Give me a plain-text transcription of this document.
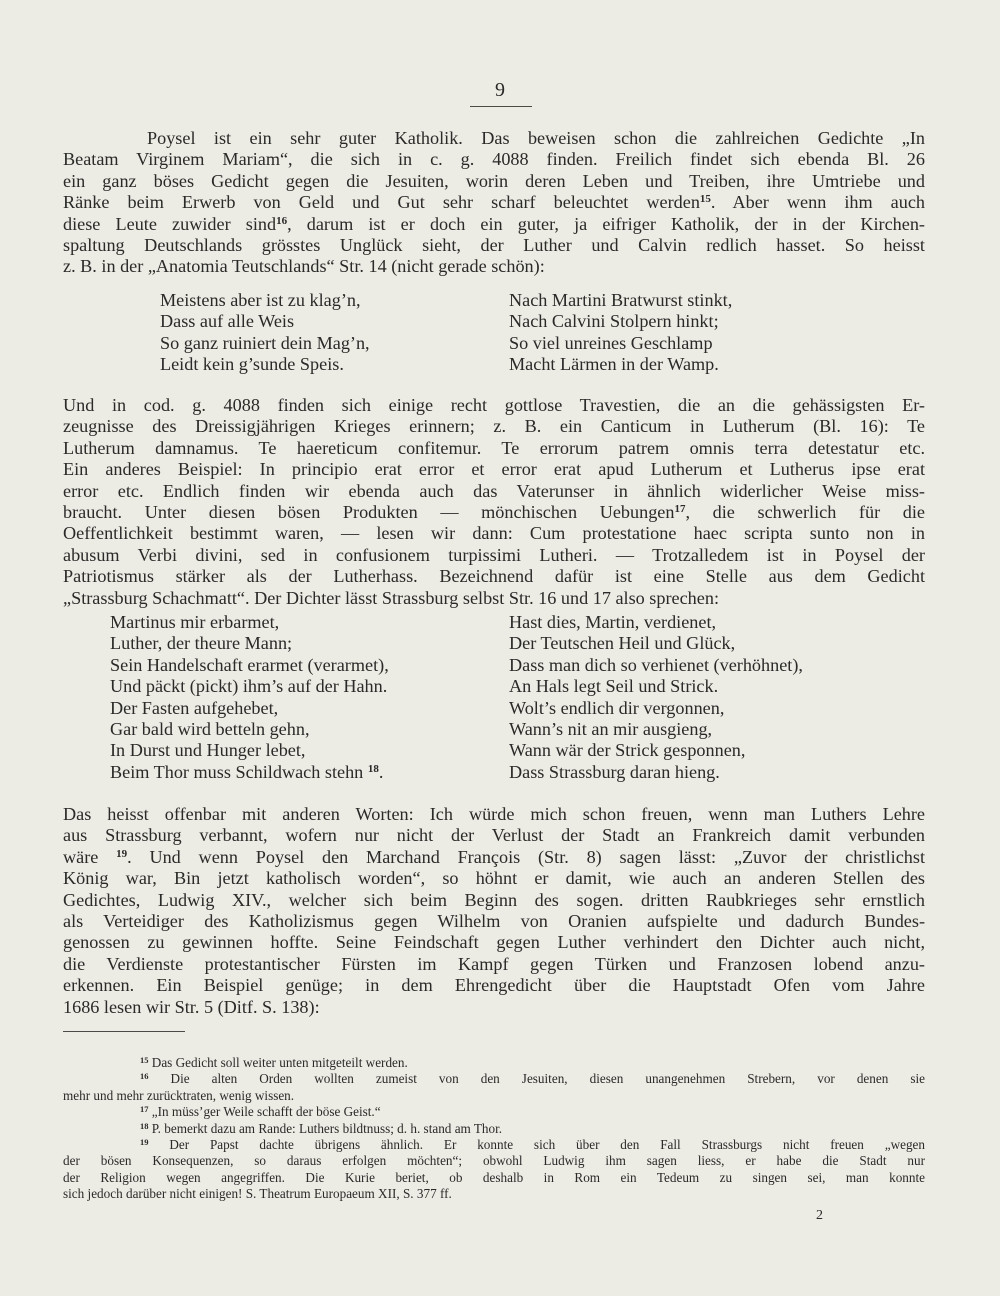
9
Poysel ist ein sehr guter Katholik. Das beweisen schon die zahlreichen Gedichte „In
Beatam Virginem Mariam“, die sich in c. g. 4088 finden. Freilich findet sich ebenda Bl. 26
ein ganz böses Gedicht gegen die Jesuiten, worin deren Leben und Treiben, ihre Umtriebe und
Ränke beim Erwerb von Geld und Gut sehr scharf beleuchtet werden$^{15}$. Aber wenn ihm auch
diese Leute zuwider sind$^{16}$, darum ist er doch ein guter, ja eifriger Katholik, der in der Kirchen-
spaltung Deutschlands grösstes Unglück sieht, der Luther und Calvin redlich hasset. So heisst
z. B. in der „Anatomia Teutschlands“ Str. 14 (nicht gerade schön):
Meistens aber ist zu klag’n,
Dass auf alle Weis
So ganz ruiniert dein Mag’n,
Leidt kein g’sunde Speis.
Nach Martini Bratwurst stinkt,
Nach Calvini Stolpern hinkt;
So viel unreines Geschlamp
Macht Lärmen in der Wamp.
Und in cod. g. 4088 finden sich einige recht gottlose Travestien, die an die gehässigsten Er-
zeugnisse des Dreissigjährigen Krieges erinnern; z. B. ein Canticum in Lutherum (Bl. 16): Te
Lutherum damnamus. Te haereticum confitemur. Te errorum patrem omnis terra detestatur etc.
Ein anderes Beispiel: In principio erat error et error erat apud Lutherum et Lutherus ipse erat
error etc. Endlich finden wir ebenda auch das Vaterunser in ähnlich widerlicher Weise miss-
braucht. Unter diesen bösen Produkten — mönchischen Uebungen$^{17}$, die schwerlich für die
Oeffentlichkeit bestimmt waren, — lesen wir dann: Cum protestatione haec scripta sunto non in
abusum Verbi divini, sed in confusionem turpissimi Lutheri. — Trotzalledem ist in Poysel der
Patriotismus stärker als der Lutherhass. Bezeichnend dafür ist eine Stelle aus dem Gedicht
„Strassburg Schachmatt“. Der Dichter lässt Strassburg selbst Str. 16 und 17 also sprechen:
Martinus mir erbarmet,
Luther, der theure Mann;
Sein Handelschaft erarmet (verarmet),
Und päckt (pickt) ihm’s auf der Hahn.
Der Fasten aufgehebet,
Gar bald wird betteln gehn,
In Durst und Hunger lebet,
Beim Thor muss Schildwach stehn $^{18}$.
Hast dies, Martin, verdienet,
Der Teutschen Heil und Glück,
Dass man dich so verhienet (verhöhnet),
An Hals legt Seil und Strick.
Wolt’s endlich dir vergonnen,
Wann’s nit an mir ausgieng,
Wann wär der Strick gesponnen,
Dass Strassburg daran hieng.
Das heisst offenbar mit anderen Worten: Ich würde mich schon freuen, wenn man Luthers Lehre
aus Strassburg verbannt, wofern nur nicht der Verlust der Stadt an Frankreich damit verbunden
wäre $^{19}$. Und wenn Poysel den Marchand François (Str. 8) sagen lässt: „Zuvor der christlichst
König war, Bin jetzt katholisch worden“, so höhnt er damit, wie auch an anderen Stellen des
Gedichtes, Ludwig XIV., welcher sich beim Beginn des sogen. dritten Raubkrieges sehr ernstlich
als Verteidiger des Katholizismus gegen Wilhelm von Oranien aufspielte und dadurch Bundes-
genossen zu gewinnen hoffte. Seine Feindschaft gegen Luther verhindert den Dichter auch nicht,
die Verdienste protestantischer Fürsten im Kampf gegen Türken und Franzosen lobend anzu-
erkennen. Ein Beispiel genüge; in dem Ehrengedicht über die Hauptstadt Ofen vom Jahre
1686 lesen wir Str. 5 (Ditf. S. 138):
$^{15}$ Das Gedicht soll weiter unten mitgeteilt werden.
$^{16}$ Die alten Orden wollten zumeist von den Jesuiten, diesen unangenehmen Strebern, vor denen sie
mehr und mehr zurücktraten, wenig wissen.
$^{17}$ „In müss’ger Weile schafft der böse Geist.“
$^{18}$ P. bemerkt dazu am Rande: Luthers bildtnuss; d. h. stand am Thor.
$^{19}$ Der Papst dachte übrigens ähnlich. Er konnte sich über den Fall Strassburgs nicht freuen „wegen
der bösen Konsequenzen, so daraus erfolgen möchten“; obwohl Ludwig ihm sagen liess, er habe die Stadt nur
der Religion wegen angegriffen. Die Kurie beriet, ob deshalb in Rom ein Tedeum zu singen sei, man konnte
sich jedoch darüber nicht einigen! S. Theatrum Europaeum XII, S. 377 ff.
2
